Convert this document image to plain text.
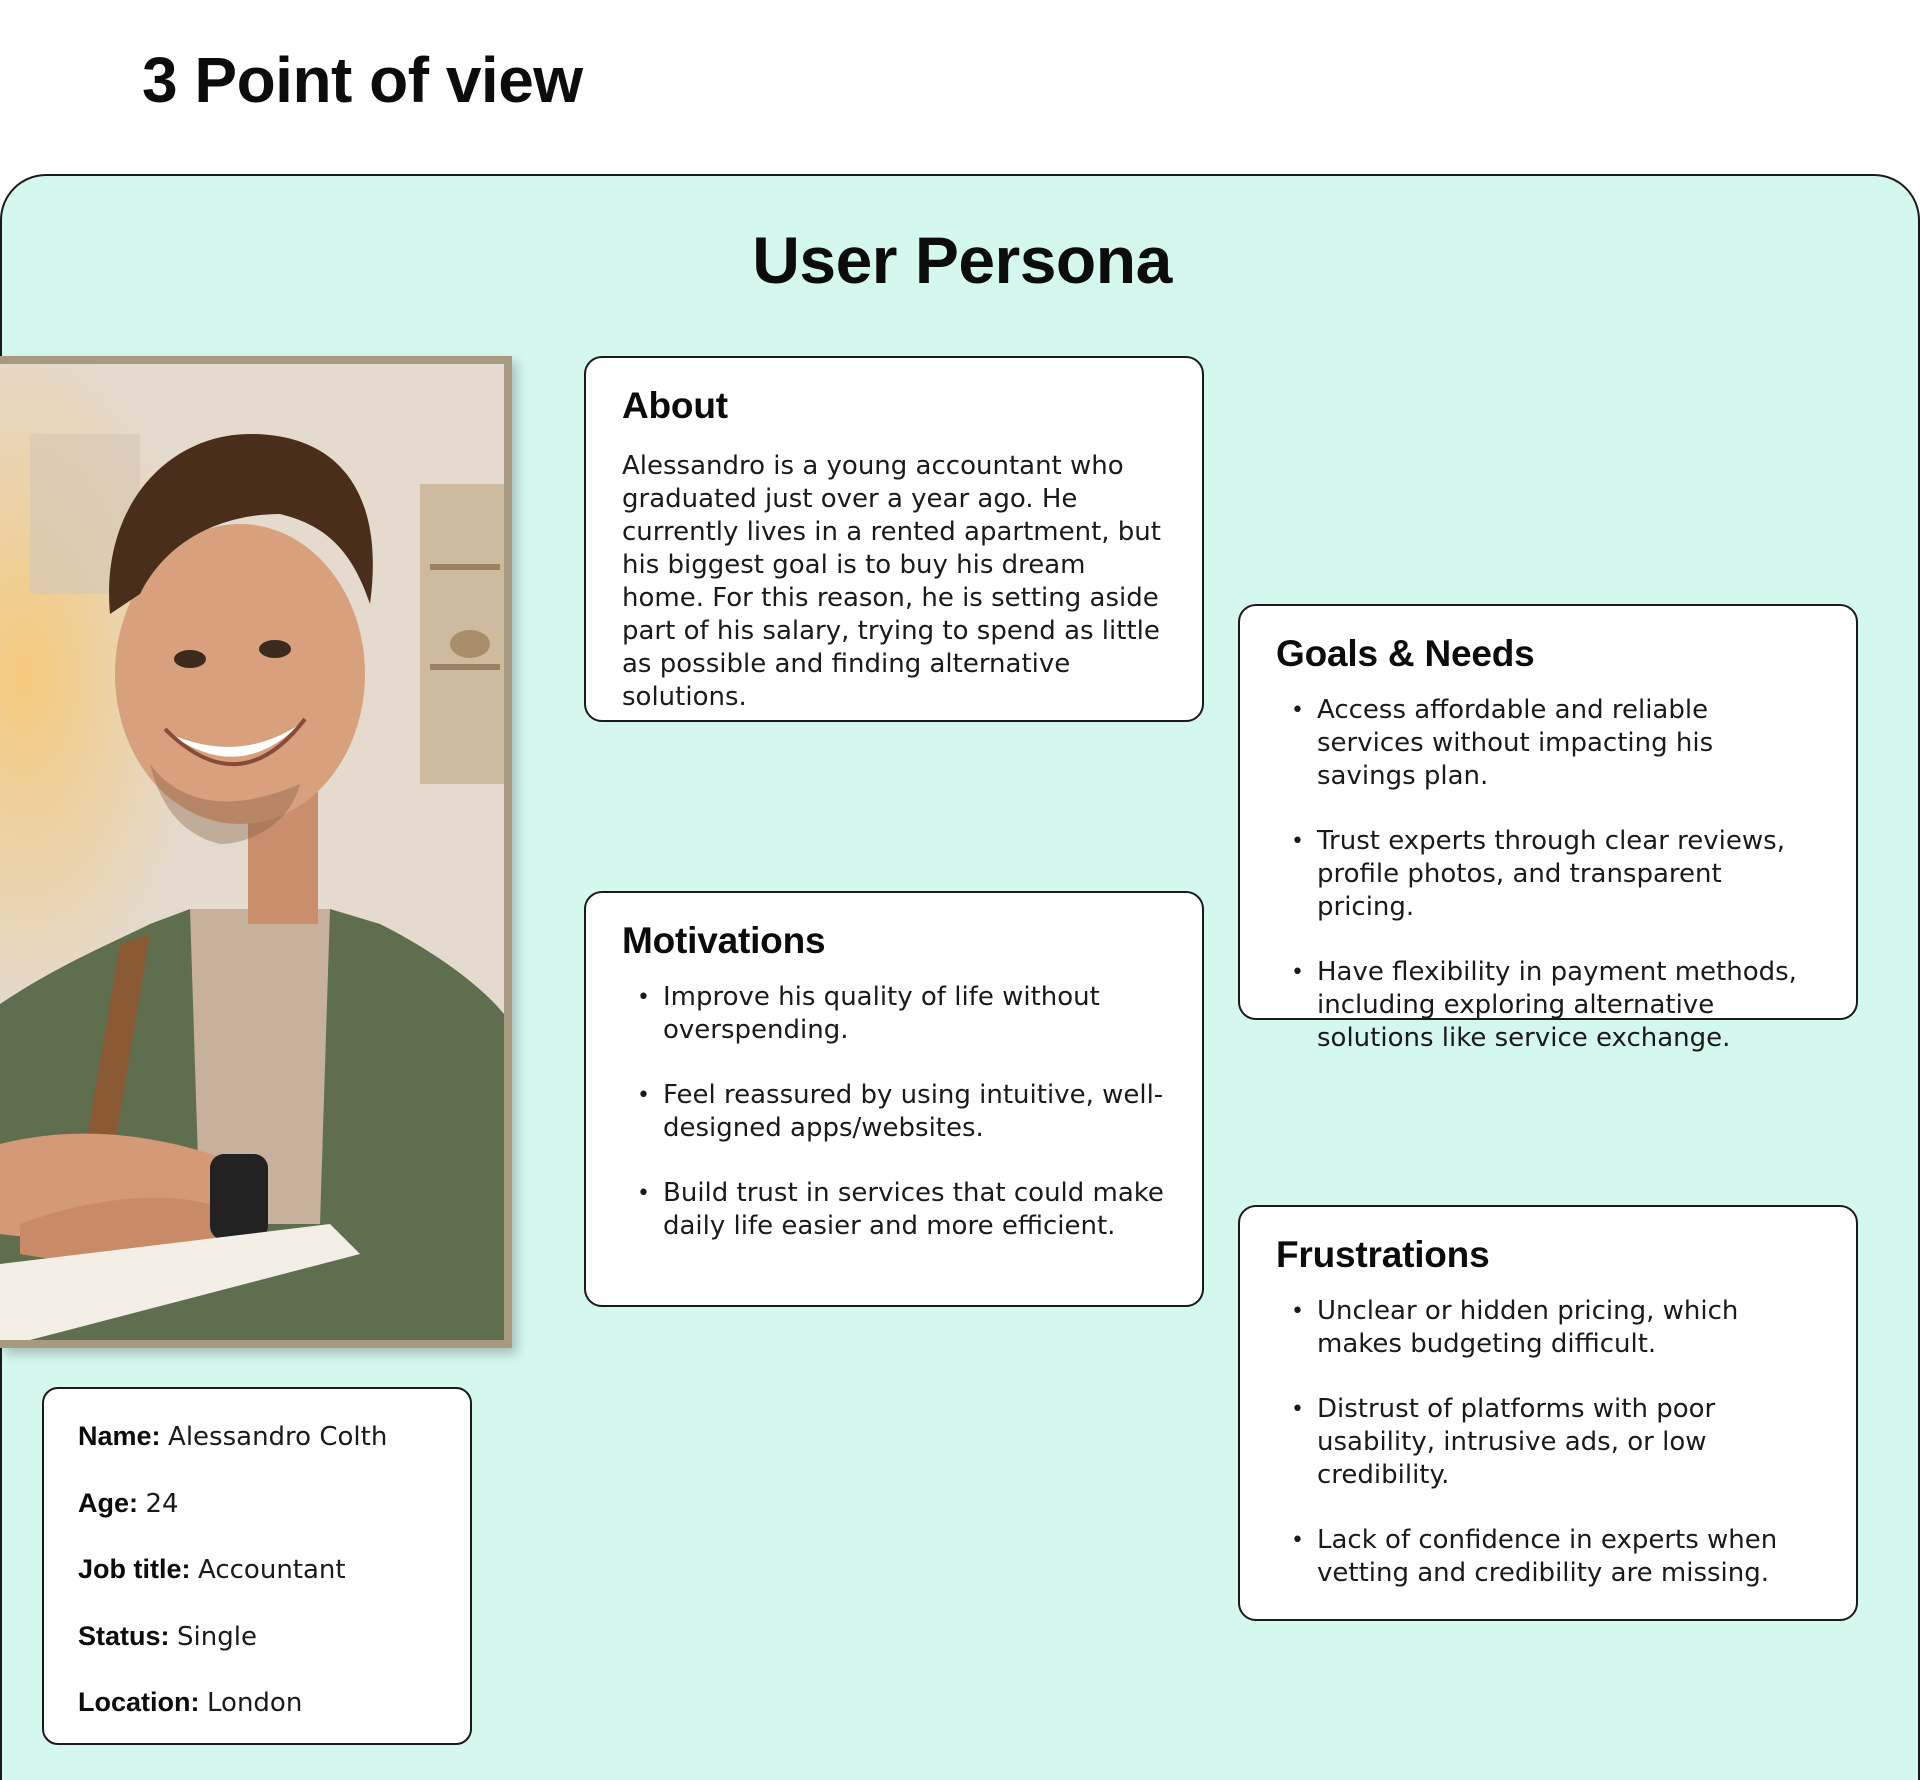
3 Point of view
User Persona
Name: Alessandro Colth
Age: 24
Job title: Accountant
Status: Single
Location: London
About

Alessandro is a young accountant who graduated just over a year ago. He currently lives in a rented apartment, but his biggest goal is to buy his dream home. For this reason, he is setting aside part of his salary, trying to spend as little as possible and finding alternative solutions.

Motivations
• Improve his quality of life without overspending.
• Feel reassured by using intuitive, well-designed apps/websites.
• Build trust in services that could make daily life easier and more efficient.
Goals & Needs
• Access affordable and reliable services without impacting his savings plan.
• Trust experts through clear reviews, profile photos, and transparent pricing.
• Have flexibility in payment methods, including exploring alternative solutions like service exchange.
Frustrations
• Unclear or hidden pricing, which makes budgeting difficult.
• Distrust of platforms with poor usability, intrusive ads, or low credibility.
• Lack of confidence in experts when vetting and credibility are missing.
